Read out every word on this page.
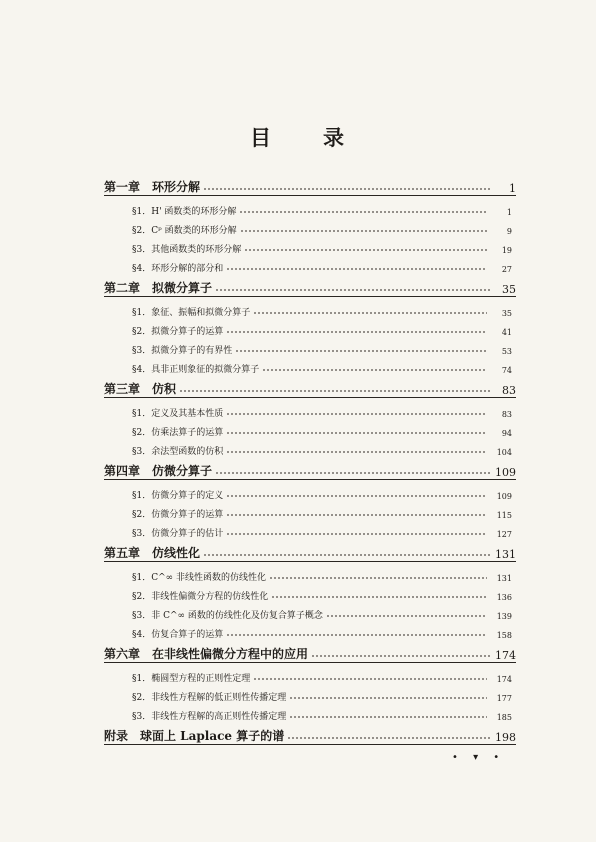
目 录
第一章　环形分解	1
§1．H' 函数类的环形分解	1
§2．Cᵖ 函数类的环形分解	9
§3．其他函数类的环形分解	19
§4．环形分解的部分和	27
第二章　拟微分算子	35
§1．象征、振幅和拟微分算子	35
§2．拟微分算子的运算	41
§3．拟微分算子的有界性	53
§4．具非正则象征的拟微分算子	74
第三章　仿积	83
§1．定义及其基本性质	83
§2．仿乘法算子的运算	94
§3．余法型函数的仿积	104
第四章　仿微分算子	109
§1．仿微分算子的定义	109
§2．仿微分算子的运算	115
§3．仿微分算子的估计	127
第五章　仿线性化	131
§1．C^∞ 非线性函数的仿线性化	131
§2．非线性偏微分方程的仿线性化	136
§3．非 C^∞ 函数的仿线性化及仿复合算子概念	139
§4．仿复合算子的运算	158
第六章　在非线性偏微分方程中的应用	174
§1．椭圆型方程的正则性定理	174
§2．非线性方程解的低正则性传播定理	177
§3．非线性方程解的高正则性传播定理	185
附录　球面上 Laplace 算子的谱	198
• ▾ •
